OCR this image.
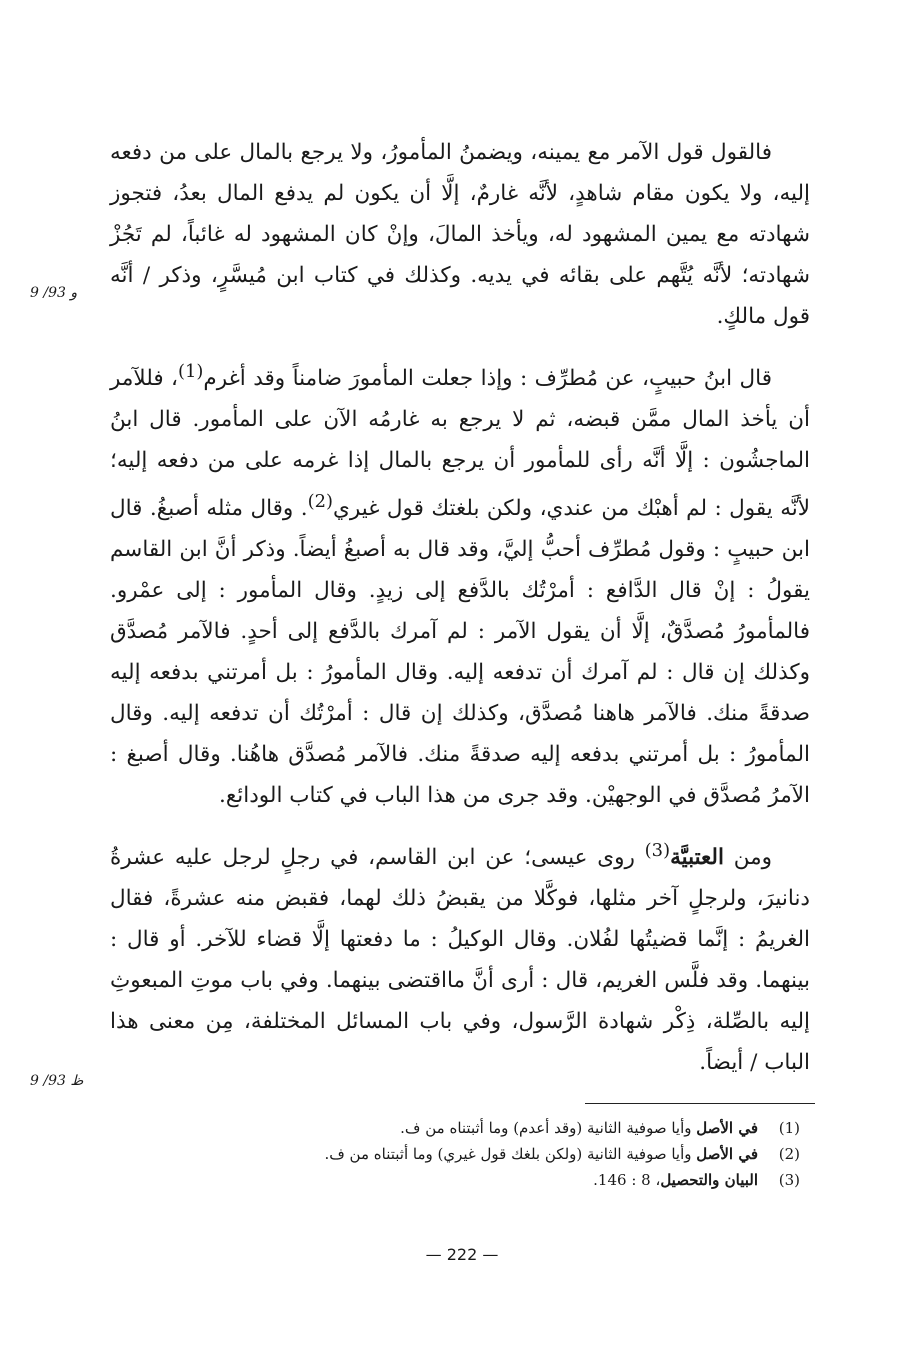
9 /93 و
9 /93 ظ

فالقول قول الآمر مع يمينه، ويضمنُ المأمورُ، ولا يرجع بالمال على من دفعه إليه، ولا يكون مقام شاهدٍ، لأنَّه غارمٌ، إلَّا أن يكون لم يدفع المال بعدُ، فتجوز شهادته مع يمين المشهود له، ويأخذ المالَ، وإنْ كان المشهود له غائباً، لم تَجُزْ شهادته؛ لأنَّه يُتَّهم على بقائه في يديه. وكذلك في كتاب ابن مُيسَّرٍ، وذكر / أنَّه قول مالكٍ.

قال ابنُ حبيبٍ، عن مُطرِّف : وإذا جعلت المأمورَ ضامناً وقد أغرم$^{(1)}$، فللآمر أن يأخذ المال ممَّن قبضه، ثم لا يرجع به غارمُه الآن على المأمور. قال ابنُ الماجشُون : إلَّا أنَّه رأى للمأمور أن يرجع بالمال إذا غرمه على من دفعه إليه؛ لأنَّه يقول : لم أهبْك من عندي، ولكن بلغتك قول غيري$^{(2)}$. وقال مثله أصبغُ. قال ابن حبيبٍ : وقول مُطرِّف أحبُّ إليَّ، وقد قال به أصبغُ أيضاً. وذكر أنَّ ابن القاسم يقولُ : إنْ قال الدَّافع : أمرْتُك بالدَّفع إلى زيدٍ. وقال المأمور : إلى عمْرو. فالمأمورُ مُصدَّقٌ، إلَّا أن يقول الآمر : لم آمرك بالدَّفع إلى أحدٍ. فالآمر مُصدَّق وكذلك إن قال : لم آمرك أن تدفعه إليه. وقال المأمورُ : بل أمرتني بدفعه إليه صدقةً منك. فالآمر هاهنا مُصدَّق، وكذلك إن قال : أمرْتُك أن تدفعه إليه. وقال المأمورُ : بل أمرتني بدفعه إليه صدقةً منك. فالآمر مُصدَّق هاهُنا. وقال أصبغ : الآمرُ مُصدَّق في الوجهيْن. وقد جرى من هذا الباب في كتاب الودائع.

ومن العتبيَّة$^{(3)}$ روى عيسى؛ عن ابن القاسم، في رجلٍ لرجل عليه عشرةُ دنانيرَ، ولرجلٍ آخر مثلها، فوكَّلا من يقبضُ ذلك لهما، فقبض منه عشرةً، فقال الغريمُ : إنَّما قضيتُها لفُلان. وقال الوكيلُ : ما دفعتها إلَّا قضاء للآخر. أو قال : بينهما. وقد فلَّس الغريم، قال : أرى أنَّ مااقتضى بينهما. وفي باب موتِ المبعوثِ إليه بالصِّلة، ذِكْر شهادة الرَّسول، وفي باب المسائل المختلفة، مِن معنى هذا الباب / أيضاً.

(1)
في الأصل وأيا صوفية الثانية (وقد أعدم) وما أثبتناه من ف.
(2)
في الأصل وأيا صوفية الثانية (ولكن بلغك قول غيري) وما أثبتناه من ف.
(3)
البيان والتحصيل، 8 : 146.
— 222 —
